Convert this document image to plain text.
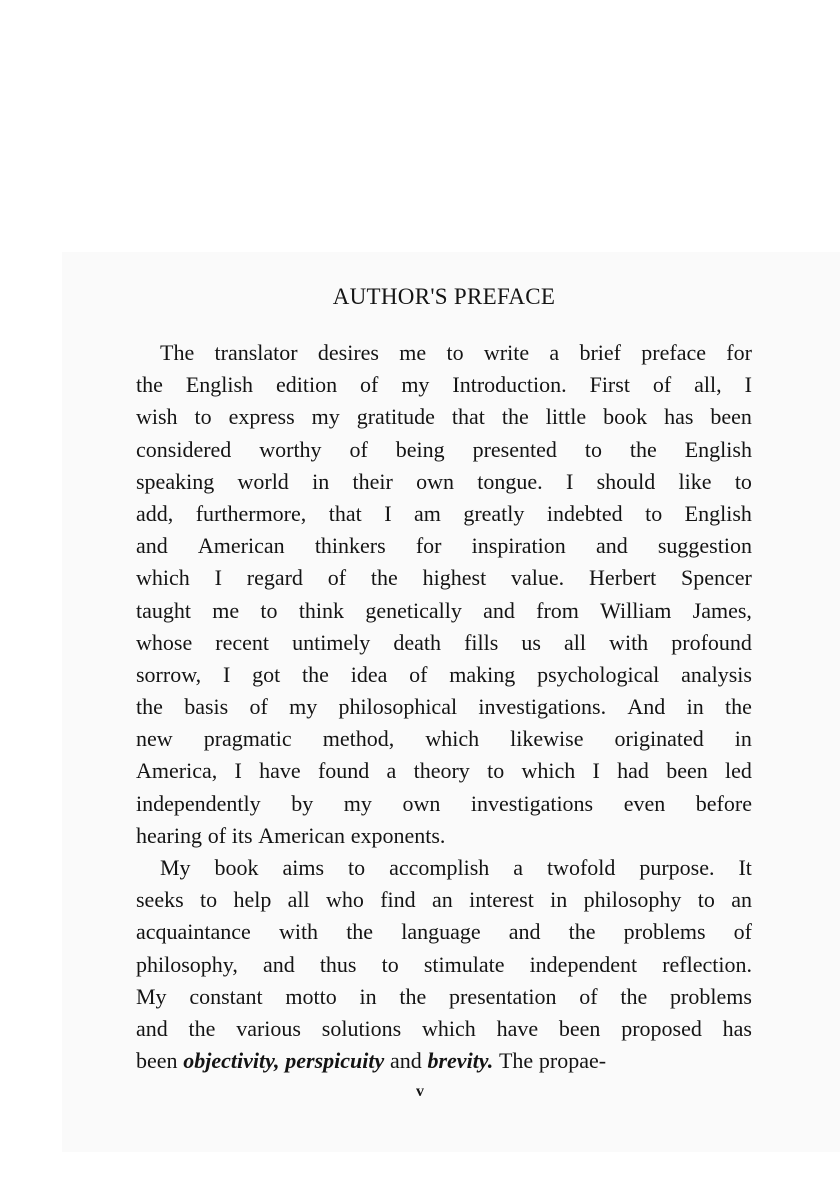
AUTHOR'S PREFACE
The translator desires me to write a brief preface for
the English edition of my Introduction. First of all, I
wish to express my gratitude that the little book has been
considered worthy of being presented to the English
speaking world in their own tongue. I should like to
add, furthermore, that I am greatly indebted to English
and American thinkers for inspiration and suggestion
which I regard of the highest value. Herbert Spencer
taught me to think genetically and from William James,
whose recent untimely death fills us all with profound
sorrow, I got the idea of making psychological analysis
the basis of my philosophical investigations. And in the
new pragmatic method, which likewise originated in
America, I have found a theory to which I had been led
independently by my own investigations even before
hearing of its American exponents.
My book aims to accomplish a twofold purpose. It
seeks to help all who find an interest in philosophy to an
acquaintance with the language and the problems of
philosophy, and thus to stimulate independent reflection.
My constant motto in the presentation of the problems
and the various solutions which have been proposed has
been objectivity, perspicuity and brevity. The propae-

v
